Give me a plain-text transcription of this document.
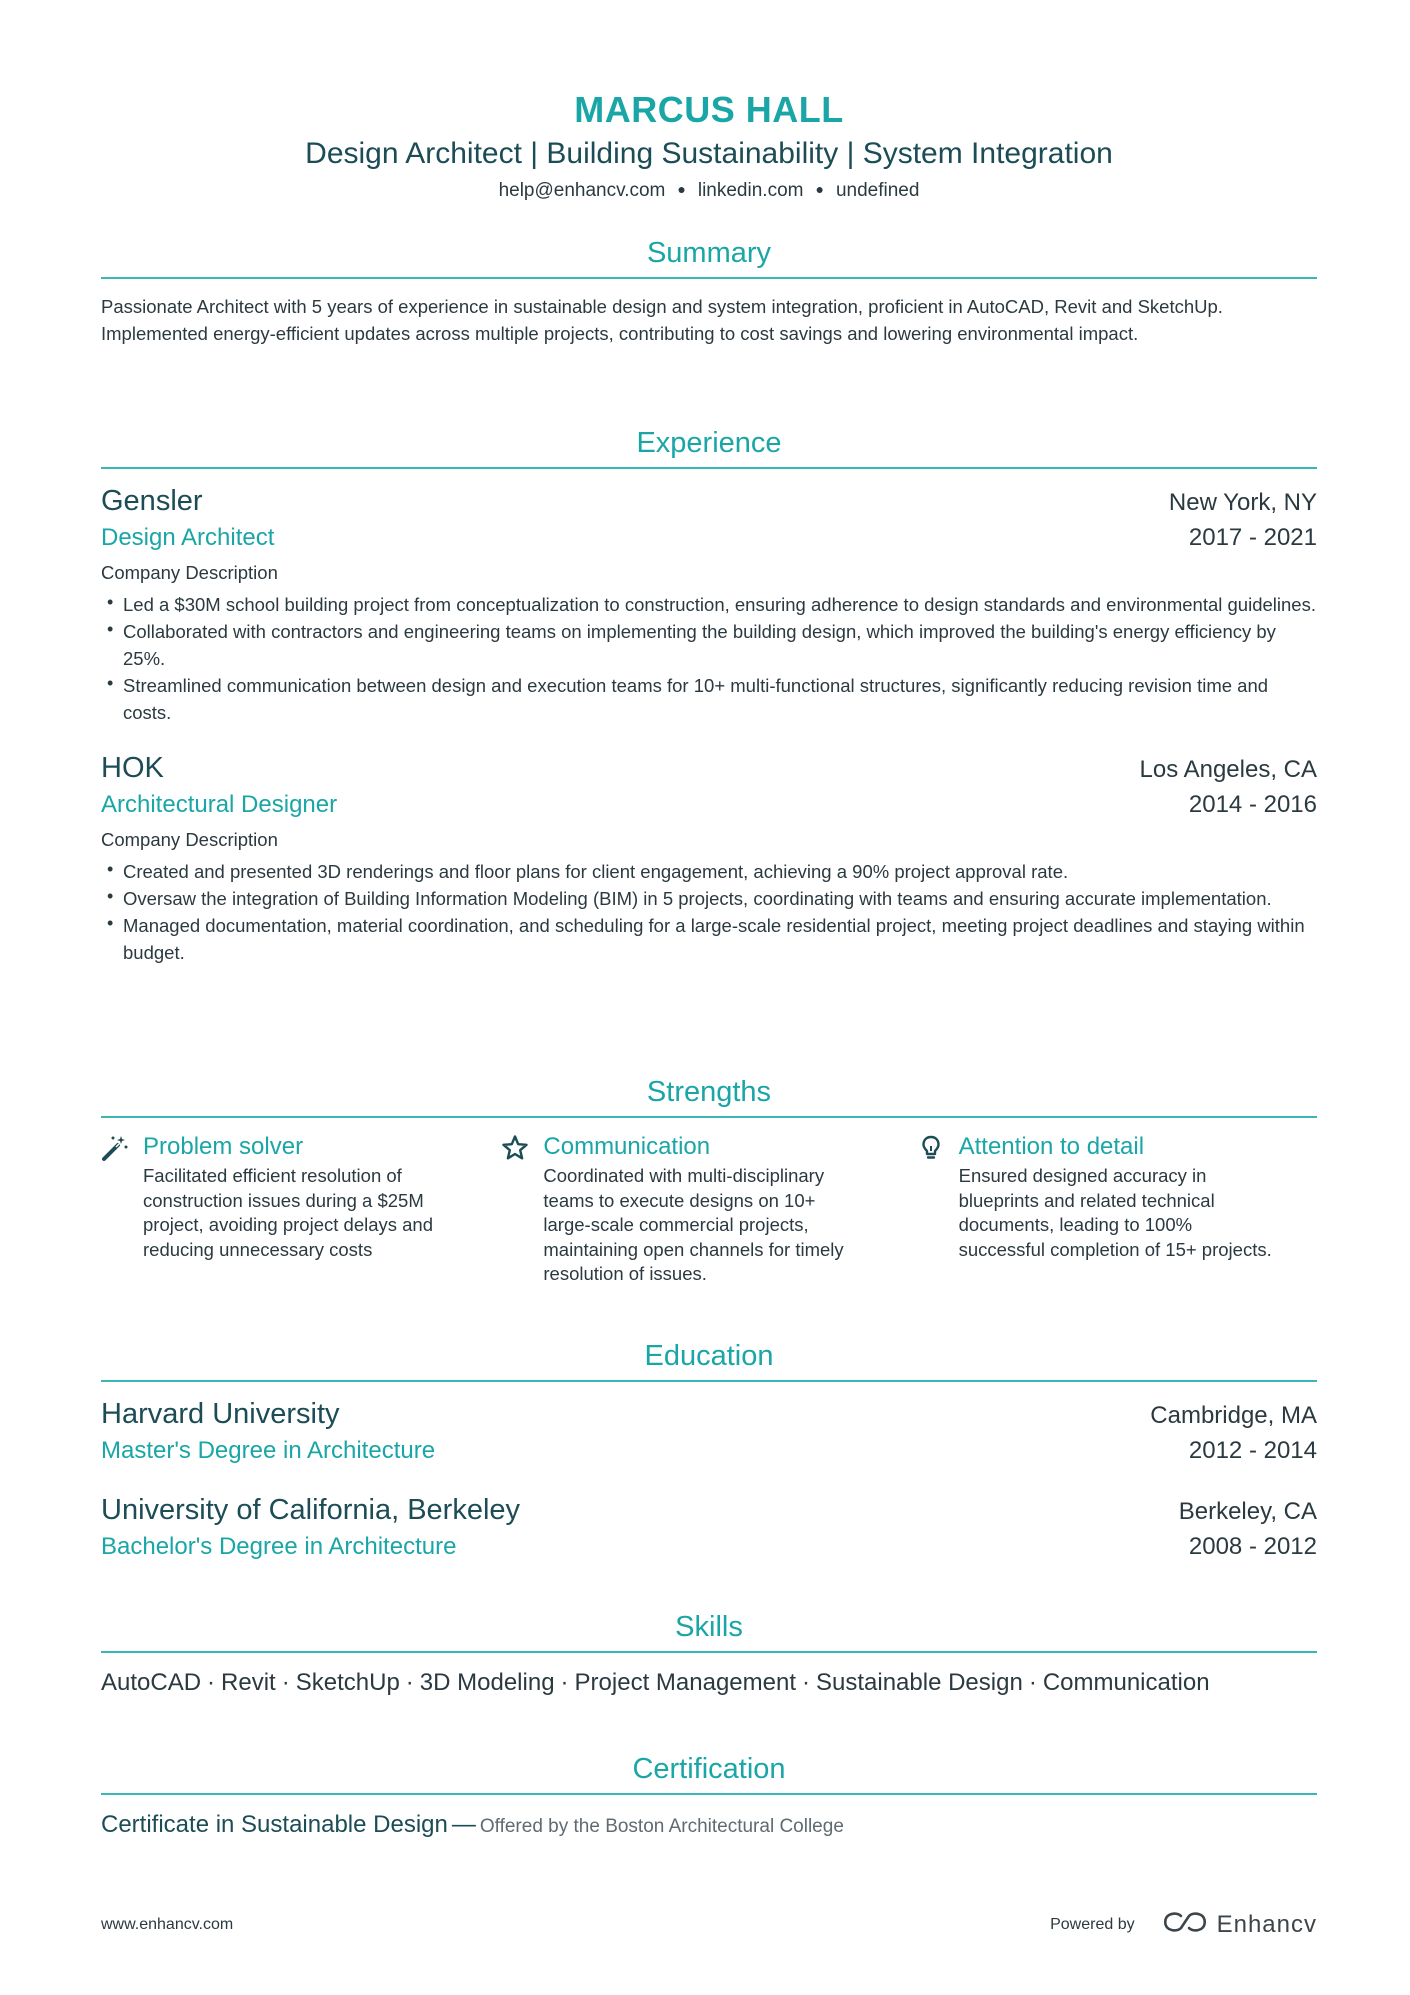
MARCUS HALL
Design Architect | Building Sustainability | System Integration
help@enhancv.com ● linkedin.com ● undefined
Summary
Passionate Architect with 5 years of experience in sustainable design and system integration, proficient in AutoCAD, Revit and SketchUp. Implemented energy-efficient updates across multiple projects, contributing to cost savings and lowering environmental impact.
Experience
Gensler	New York, NY
Design Architect	2017 - 2021
Company Description
• Led a $30M school building project from conceptualization to construction, ensuring adherence to design standards and environmental guidelines.
• Collaborated with contractors and engineering teams on implementing the building design, which improved the building's energy efficiency by 25%.
• Streamlined communication between design and execution teams for 10+ multi-functional structures, significantly reducing revision time and costs.
HOK	Los Angeles, CA
Architectural Designer	2014 - 2016
Company Description
• Created and presented 3D renderings and floor plans for client engagement, achieving a 90% project approval rate.
• Oversaw the integration of Building Information Modeling (BIM) in 5 projects, coordinating with teams and ensuring accurate implementation.
• Managed documentation, material coordination, and scheduling for a large-scale residential project, meeting project deadlines and staying within budget.
Strengths
Problem solver
Facilitated efficient resolution of construction issues during a $25M project, avoiding project delays and reducing unnecessary costs
Communication
Coordinated with multi-disciplinary teams to execute designs on 10+ large-scale commercial projects, maintaining open channels for timely resolution of issues.
Attention to detail
Ensured designed accuracy in blueprints and related technical documents, leading to 100% successful completion of 15+ projects.
Education
Harvard University	Cambridge, MA
Master's Degree in Architecture	2012 - 2014
University of California, Berkeley	Berkeley, CA
Bachelor's Degree in Architecture	2008 - 2012
Skills
AutoCAD · Revit · SketchUp · 3D Modeling · Project Management · Sustainable Design · Communication
Certification
Certificate in Sustainable Design — Offered by the Boston Architectural College
www.enhancv.com	Powered by	Enhancv
